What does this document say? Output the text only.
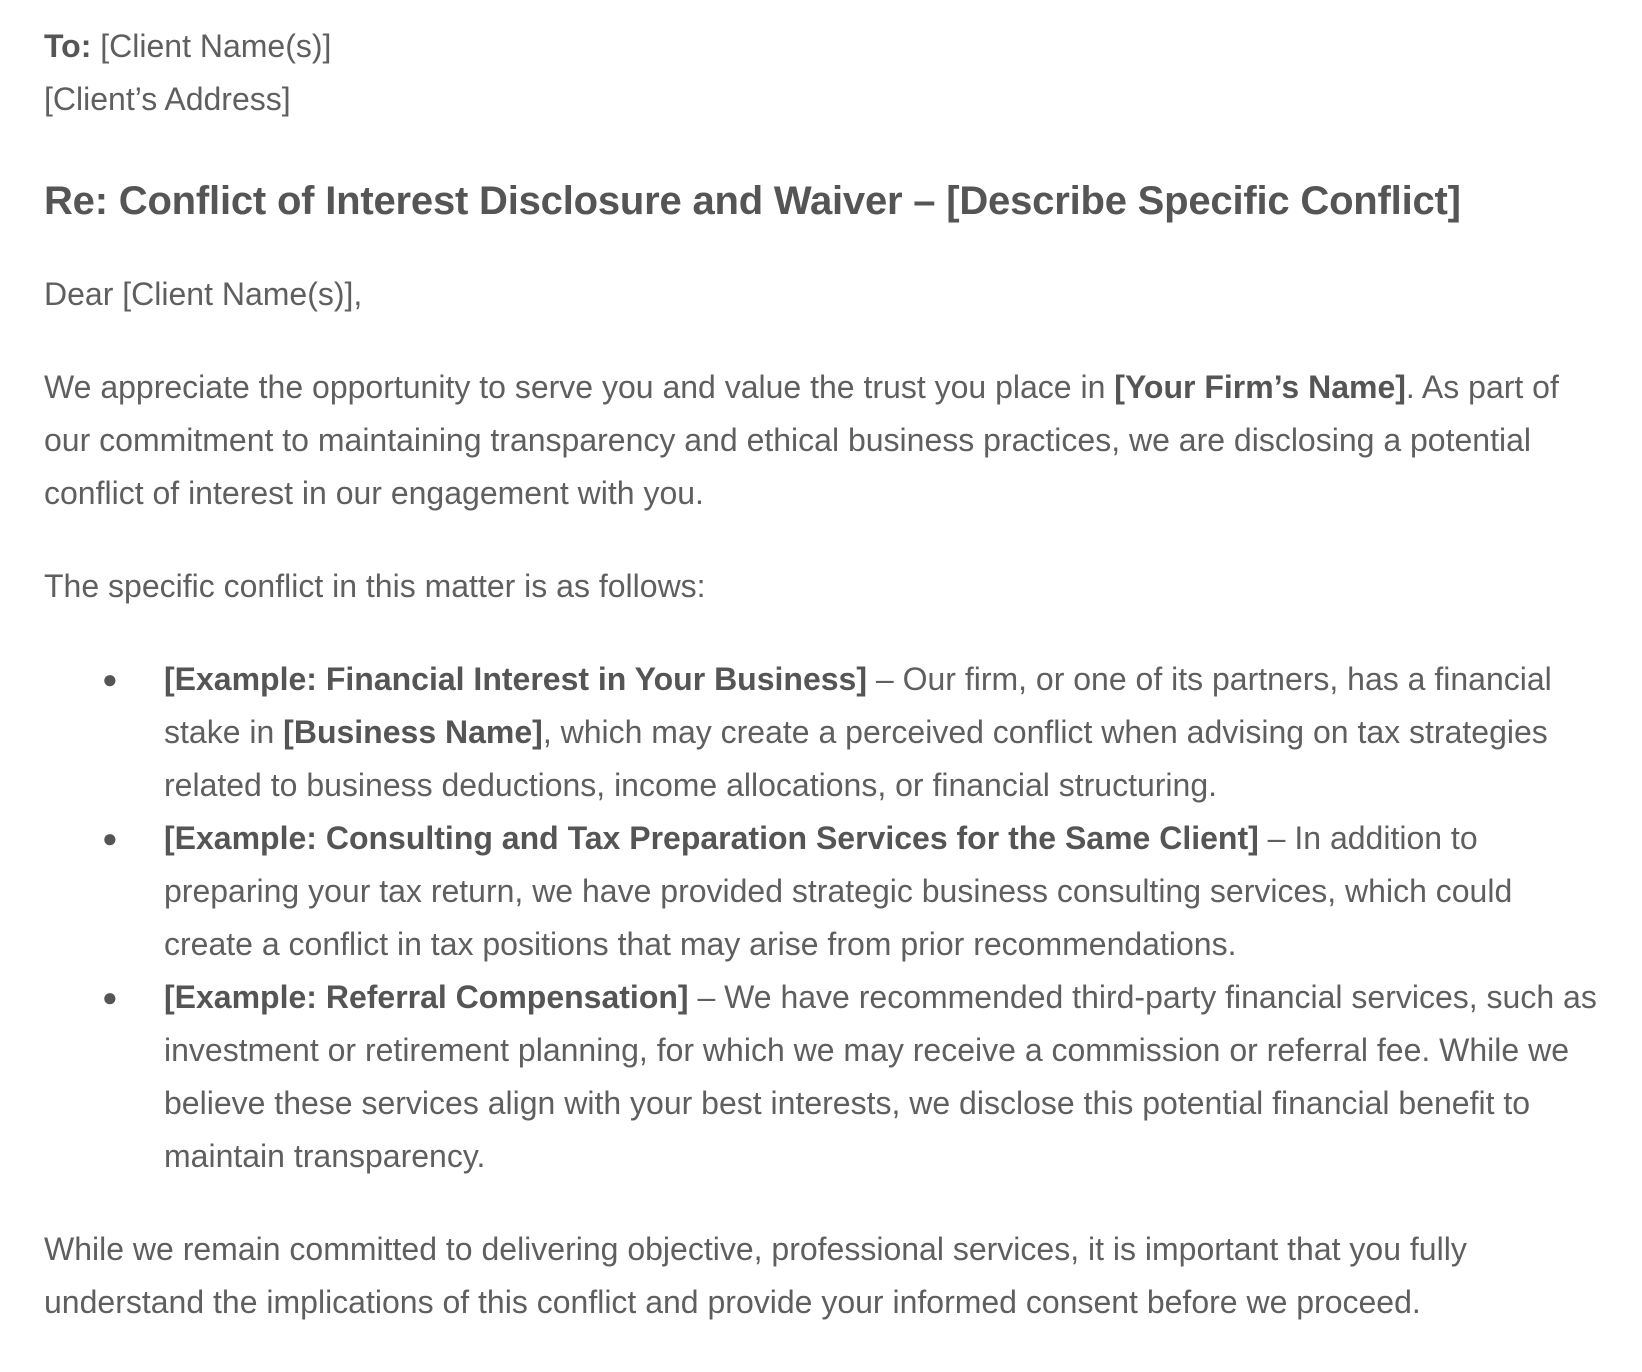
To: [Client Name(s)]

[Client’s Address]

Re: Conflict of Interest Disclosure and Waiver – [Describe Specific Conflict]

Dear [Client Name(s)],

We appreciate the opportunity to serve you and value the trust you place in [Your Firm’s Name]. As part of our commitment to maintaining transparency and ethical business practices, we are disclosing a potential conflict of interest in our engagement with you.

The specific conflict in this matter is as follows:

● [Example: Financial Interest in Your Business] – Our firm, or one of its partners, has a financial stake in [Business Name], which may create a perceived conflict when advising on tax strategies related to business deductions, income allocations, or financial structuring.
● [Example: Consulting and Tax Preparation Services for the Same Client] – In addition to preparing your tax return, we have provided strategic business consulting services, which could create a conflict in tax positions that may arise from prior recommendations.
● [Example: Referral Compensation] – We have recommended third-party financial services, such as investment or retirement planning, for which we may receive a commission or referral fee. While we believe these services align with your best interests, we disclose this potential financial benefit to maintain transparency.

While we remain committed to delivering objective, professional services, it is important that you fully understand the implications of this conflict and provide your informed consent before we proceed.
